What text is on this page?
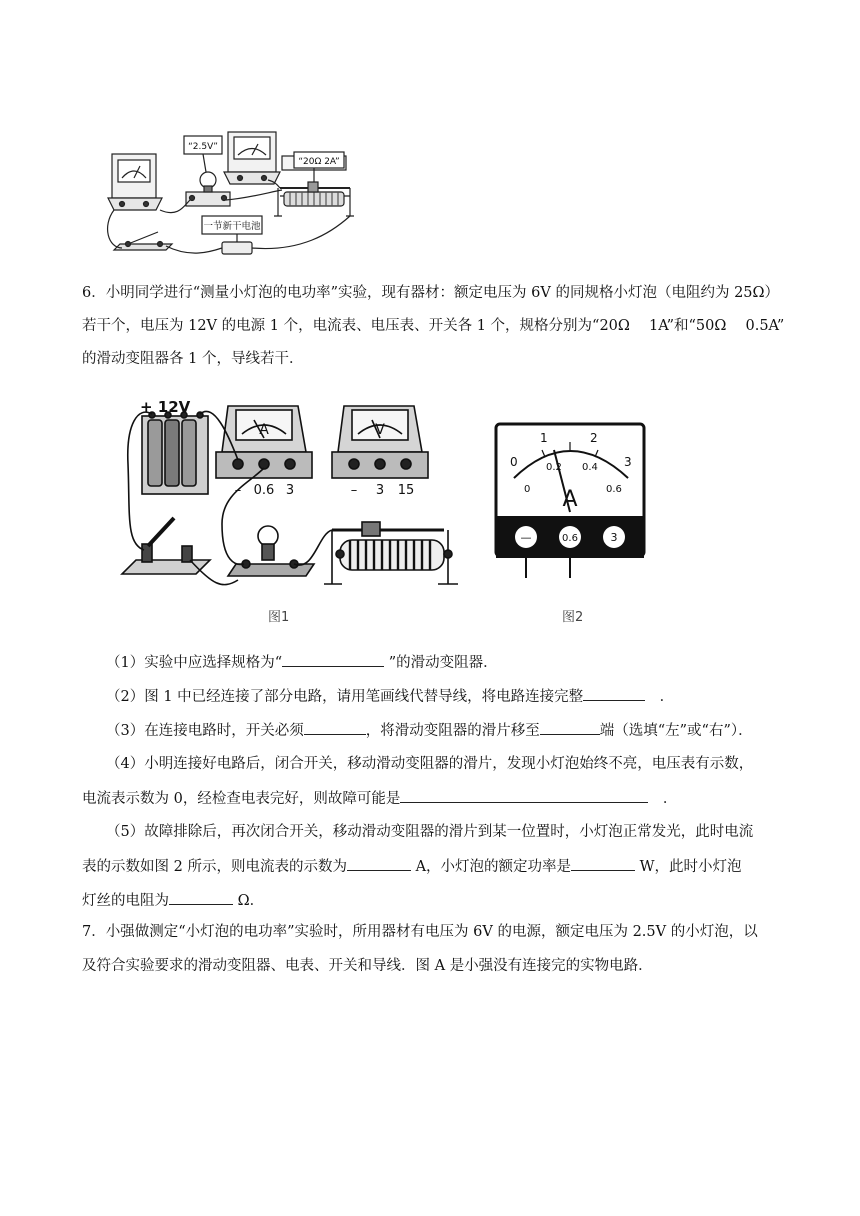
“2.5V”
“20Ω 2A”
一节新干电池
6．小明同学进行“测量小灯泡的电功率”实验，现有器材：额定电压为 6V 的同规格小灯泡（电阻约为 25Ω）
若干个，电压为 12V 的电源 1 个，电流表、电压表、开关各 1 个，规格分别为“20Ω　 1A”和“50Ω　 0.5A”
的滑动变阻器各 1 个，导线若干．
+ 12V
A	V
– 0.6 3	– 3 15
图1
0
1	2
3
0
0.2 0.4
0.6
A
—	0.6	3
图2
（1）实验中应选择规格为“	”的滑动变阻器．
（2）图 1 中已经连接了部分电路，请用笔画线代替导线，将电路连接完整	　．
（3）在连接电路时，开关必须	，将滑动变阻器的滑片移至	端（选填“左”或“右”）．
（4）小明连接好电路后，闭合开关，移动滑动变阻器的滑片，发现小灯泡始终不亮，电压表有示数，
电流表示数为 0，经检查电表完好，则故障可能是	　．
（5）故障排除后，再次闭合开关，移动滑动变阻器的滑片到某一位置时，小灯泡正常发光，此时电流
表的示数如图 2 所示，则电流表的示数为	A，小灯泡的额定功率是	W，此时小灯泡
灯丝的电阻为	Ω．
7．小强做测定“小灯泡的电功率”实验时，所用器材有电压为 6V 的电源，额定电压为 2.5V 的小灯泡，以
及符合实验要求的滑动变阻器、电表、开关和导线．图 A 是小强没有连接完的实物电路．
